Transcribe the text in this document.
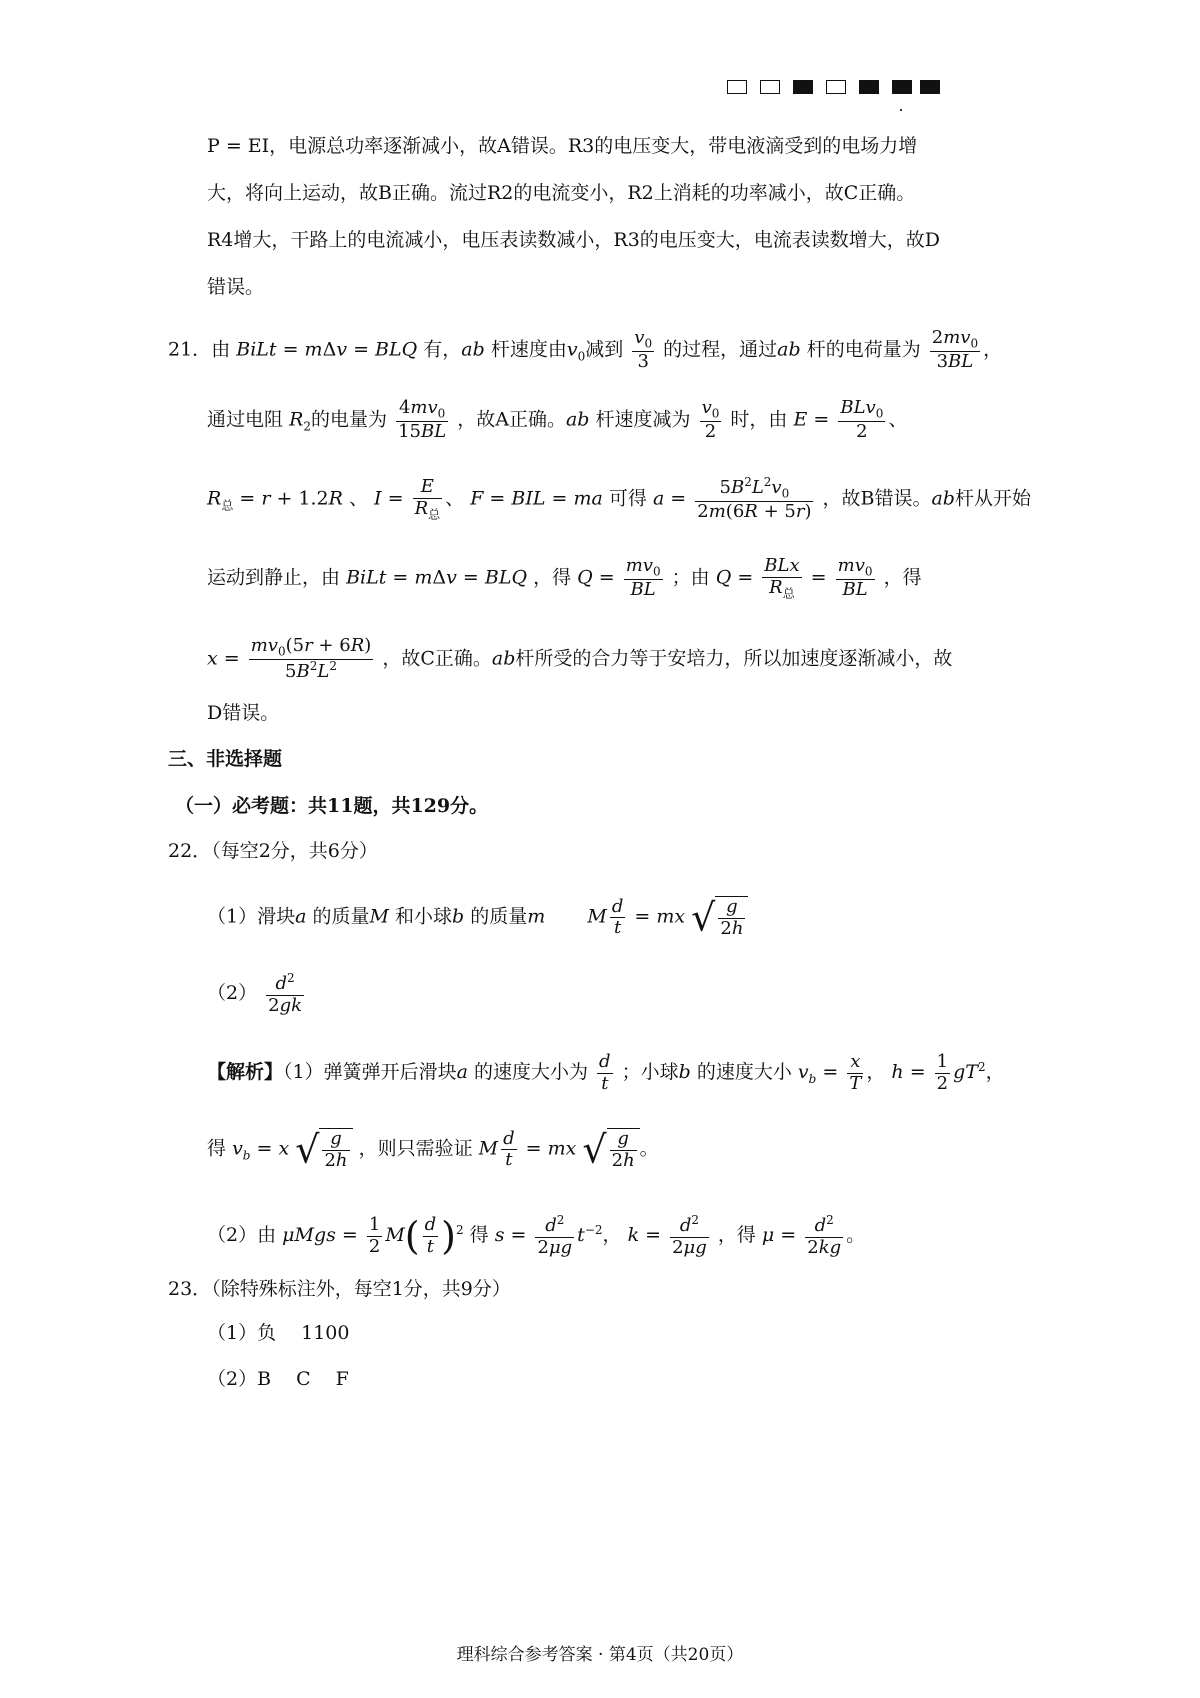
P = EI，电源总功率逐渐减小，故A错误。R3的电压变大，带电液滴受到的电场力增
大，将向上运动，故B正确。流过R2的电流变小，R2上消耗的功率减小，故C正确。
R4增大，干路上的电流减小，电压表读数减小，R3的电压变大，电流表读数增大，故D
错误。
21．由 BiLt = mΔv = BLQ 有，ab 杆速度由$v_0$减到 $\frac{v_0}{3}$ 的过程，通过ab 杆的电荷量为 $\frac{2mv_0}{3BL}$ ，
通过电阻 $R_2$的电量为 $\frac{4mv_0}{15BL}$ ，故A正确。ab 杆速度减为 $\frac{v_0}{2}$ 时，由 $E = \frac{BLv_0}{2}$ 、
$R_总 = r + 1.2R$ 、 $I = \frac{E}{R_总}$ 、 F = BIL = ma 可得 $a = \frac{5B^2L^2v_0}{2m(6R + 5r)}$ ，故B错误。ab杆从开始
运动到静止，由 BiLt = mΔv = BLQ ，得 $Q = \frac{mv_0}{BL}$ ；由 $Q = \frac{\text{BLx}}{R_总} = \frac{mv_0}{BL}$ ，得
$x = \frac{mv_0(5r + 6R)}{5B^2L^2}$ ，故C正确。ab杆所受的合力等于安培力，所以加速度逐渐减小，故
D错误。
三、非选择题
（一）必考题：共11题，共129分。
22．（每空2分，共6分）
（1）滑块a 的质量M 和小球b 的质量m M $\frac{d}{t}$ = mx √ $\frac{g}{2h}$
$(2) \frac{d^2}{2gk}$
【解析】（1）弹簧弹开后滑块a 的速度大小为 $\frac{d}{t}$ ；小球b 的速度大小 $v_b = \frac{x}{T}$ ， $h = \frac{1}{2} gT^2$，
得 $v_b = x$ √ $\frac{g}{2h}$ ，则只需验证 M $\frac{d}{t}$ = mx √ $\frac{g}{2h}$ 。
（2）由 $\mu Mgs = \frac{1}{2} M( \frac{d}{t} )^2$ 得 $s = \frac{d^2}{2\mu g} t^{-2}$， $k = \frac{d^2}{2\mu g}$ ，得 $\mu = \frac{d^2}{2kg}$ 。
23．（除特殊标注外，每空1分，共9分）
（1）负　 1100
（2）B　 C　 F
理科综合参考答案 · 第4页（共20页）
